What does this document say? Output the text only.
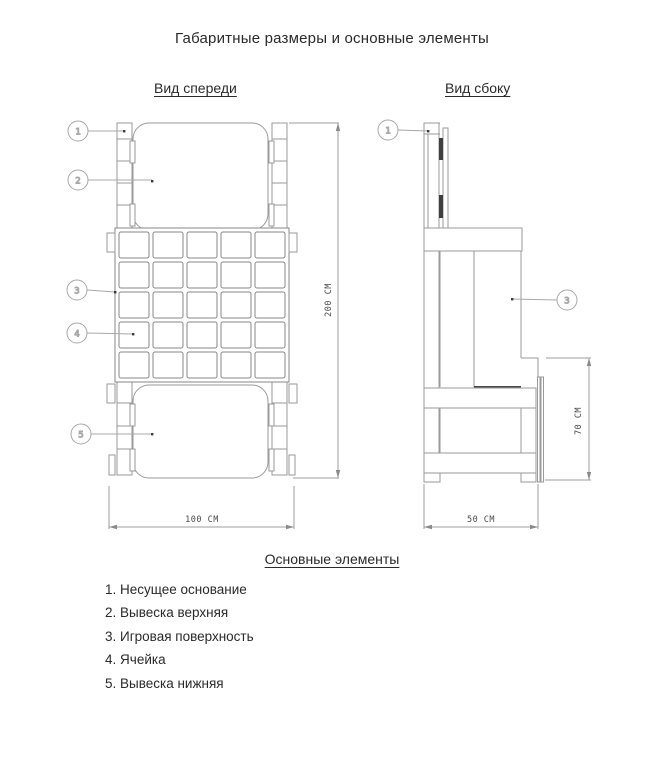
Габаритные размеры и основные элементы
Вид спереди	Вид сбоку
200 CM
100 CM
70 CM
50 CM
1
2
3
4
5
1
3
Основные элементы
1. Несущее основание
2. Вывеска верхняя
3. Игровая поверхность
4. Ячейка
5. Вывеска нижняя
